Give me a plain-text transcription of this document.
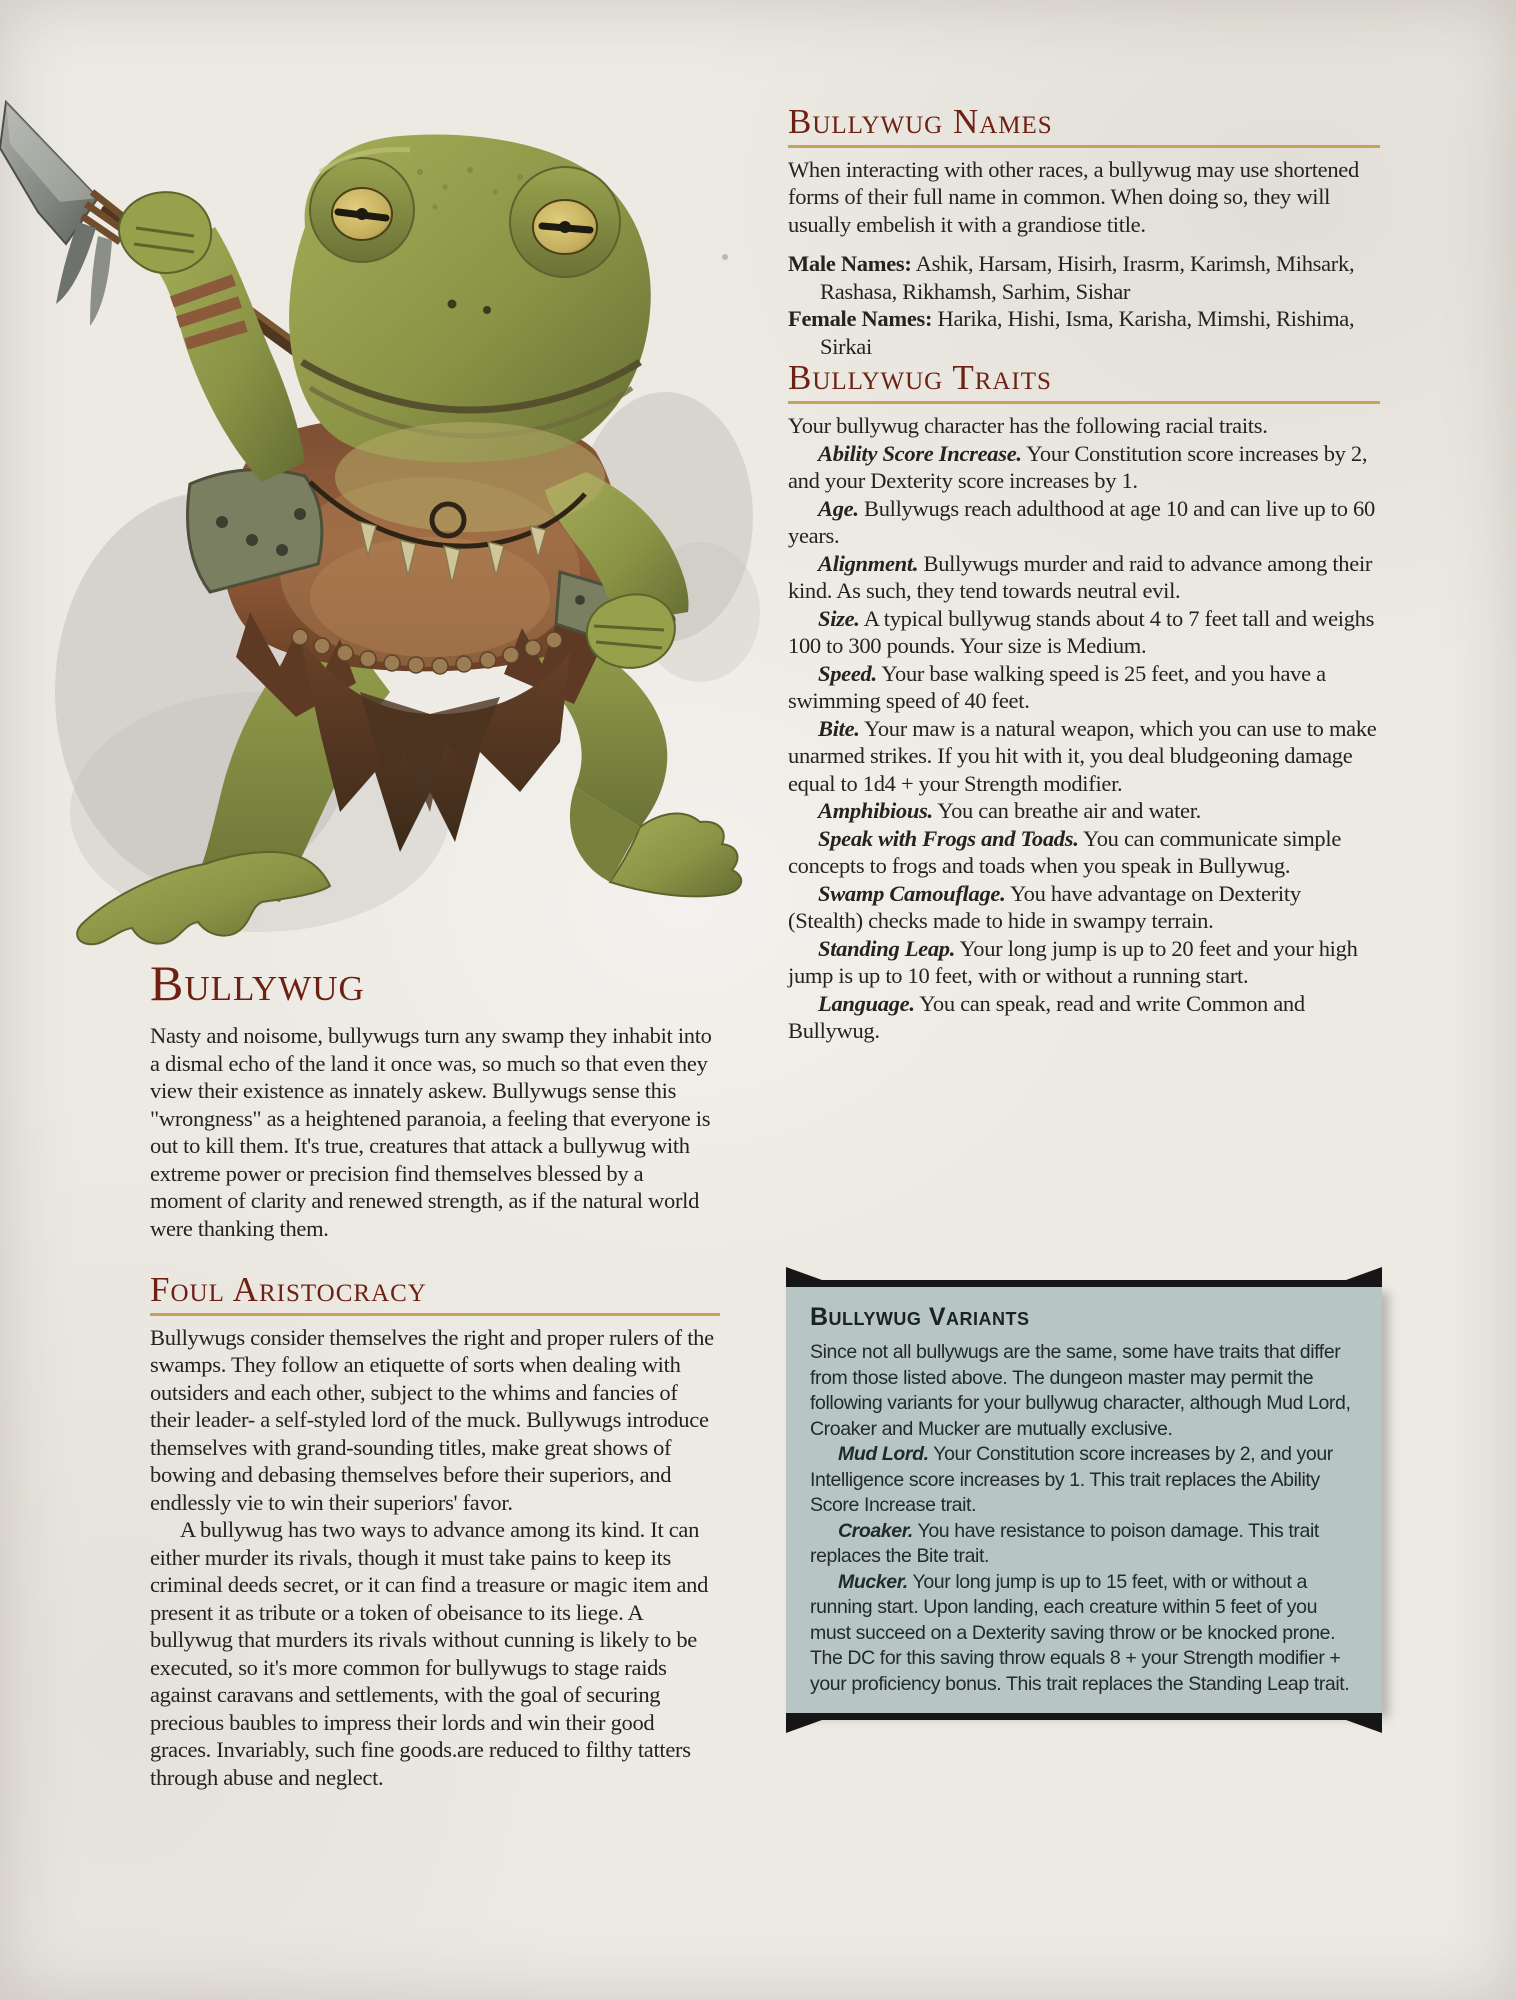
Bullywug

Nasty and noisome, bullywugs turn any swamp they inhabit into a dismal echo of the land it once was, so much so that even they view their existence as innately askew. Bullywugs sense this "wrongness" as a heightened paranoia, a feeling that everyone is out to kill them. It's true, creatures that attack a bullywug with extreme power or precision find themselves blessed by a moment of clarity and renewed strength, as if the natural world were thanking them.

Foul Aristocracy

Bullywugs consider themselves the right and proper rulers of the swamps. They follow an etiquette of sorts when dealing with outsiders and each other, subject to the whims and fancies of their leader- a self-styled lord of the muck. Bullywugs introduce themselves with grand-sounding titles, make great shows of bowing and debasing themselves before their superiors, and endlessly vie to win their superiors' favor.

A bullywug has two ways to advance among its kind. It can either murder its rivals, though it must take pains to keep its criminal deeds secret, or it can find a treasure or magic item and present it as tribute or a token of obeisance to its liege. A bullywug that murders its rivals without cunning is likely to be executed, so it's more common for bullywugs to stage raids against caravans and settlements, with the goal of securing precious baubles to impress their lords and win their good graces. Invariably, such fine goods.are reduced to filthy tatters through abuse and neglect.

Bullywug Names

When interacting with other races, a bullywug may use shortened forms of their full name in common. When doing so, they will usually embelish it with a grandiose title.

Male Names: Ashik, Harsam, Hisirh, Irasrm, Karimsh, Mihsark, Rashasa, Rikhamsh, Sarhim, Sishar

Female Names: Harika, Hishi, Isma, Karisha, Mimshi, Rishima, Sirkai

Bullywug Traits

Your bullywug character has the following racial traits.

Ability Score Increase. Your Constitution score increases by 2, and your Dexterity score increases by 1.

Age. Bullywugs reach adulthood at age 10 and can live up to 60 years.

Alignment. Bullywugs murder and raid to advance among their kind. As such, they tend towards neutral evil.

Size. A typical bullywug stands about 4 to 7 feet tall and weighs 100 to 300 pounds. Your size is Medium.

Speed. Your base walking speed is 25 feet, and you have a swimming speed of 40 feet.

Bite. Your maw is a natural weapon, which you can use to make unarmed strikes. If you hit with it, you deal bludgeoning damage equal to 1d4 + your Strength modifier.

Amphibious. You can breathe air and water.

Speak with Frogs and Toads. You can communicate simple concepts to frogs and toads when you speak in Bullywug.

Swamp Camouflage. You have advantage on Dexterity (Stealth) checks made to hide in swampy terrain.

Standing Leap. Your long jump is up to 20 feet and your high jump is up to 10 feet, with or without a running start.

Language. You can speak, read and write Common and Bullywug.

Bullywug Variants

Since not all bullywugs are the same, some have traits that differ from those listed above. The dungeon master may permit the following variants for your bullywug character, although Mud Lord, Croaker and Mucker are mutually exclusive.

Mud Lord. Your Constitution score increases by 2, and your Intelligence score increases by 1. This trait replaces the Ability Score Increase trait.

Croaker. You have resistance to poison damage. This trait replaces the Bite trait.

Mucker. Your long jump is up to 15 feet, with or without a running start. Upon landing, each creature within 5 feet of you must succeed on a Dexterity saving throw or be knocked prone. The DC for this saving throw equals 8 + your Strength modifier + your proficiency bonus. This trait replaces the Standing Leap trait.
